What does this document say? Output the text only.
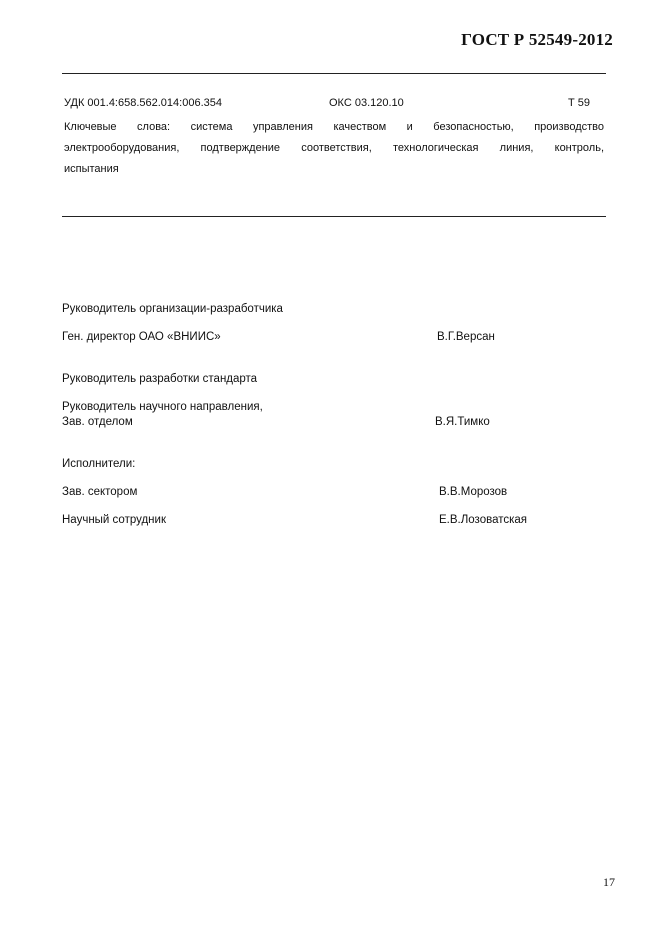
ГОСТ Р 52549-2012
УДК 001.4:658.562.014:006.354	ОКС 03.120.10	Т 59
Ключевые слова: система управления качеством и безопасностью, производство
электрооборудования, подтверждение соответствия, технологическая линия, контроль,
испытания
Руководитель организации-разработчика
Ген. директор ОАО «ВНИИС»	В.Г.Версан
Руководитель разработки стандарта
Руководитель научного направления,
Зав. отделом	В.Я.Тимко
Исполнители:
Зав. сектором	В.В.Морозов
Научный сотрудник	Е.В.Лозоватская
17
